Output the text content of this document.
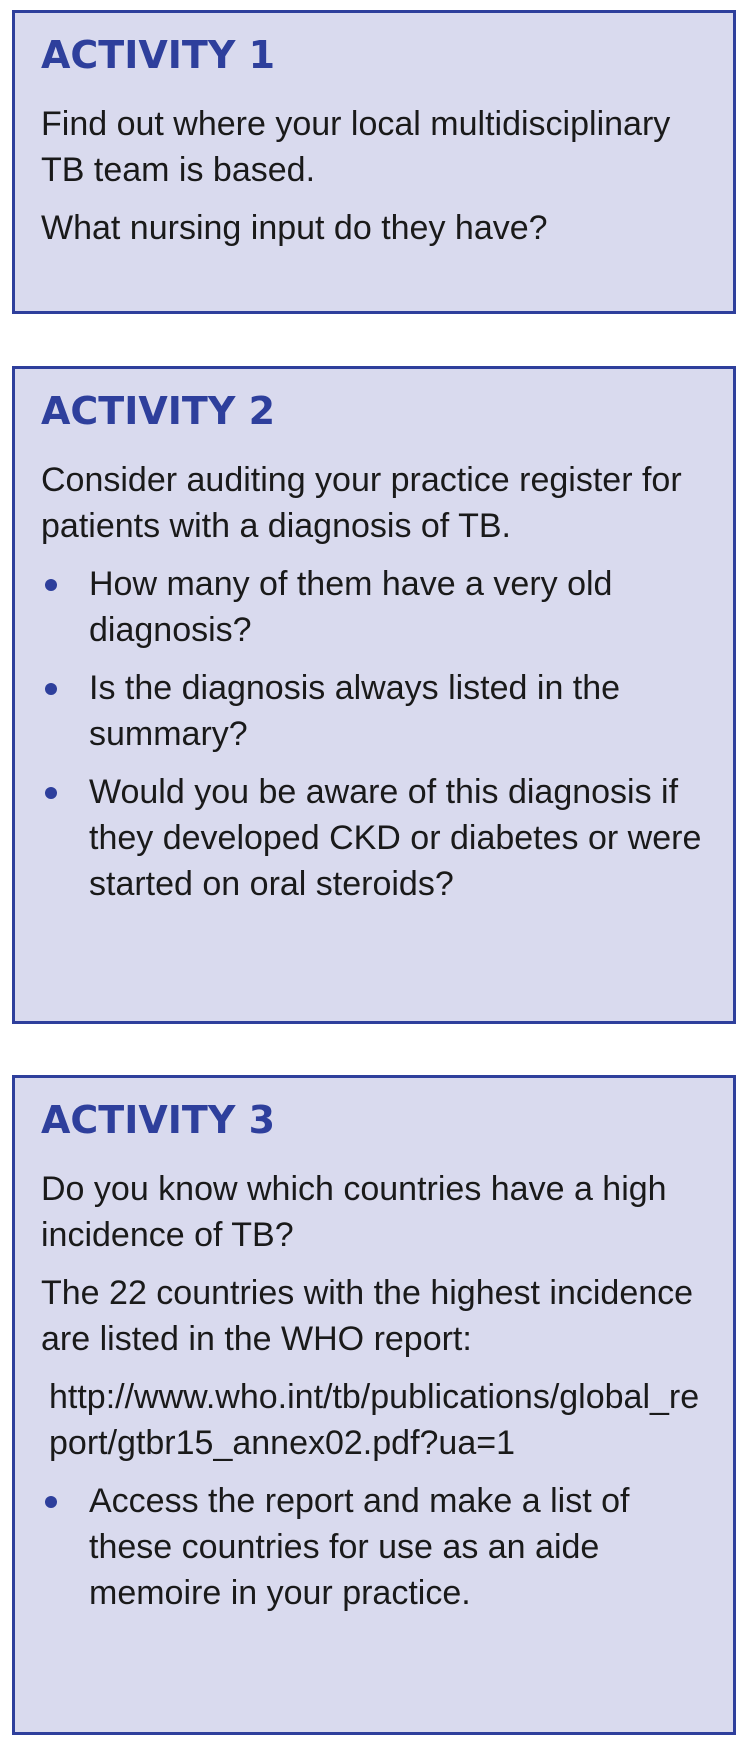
ACTIVITY 1

Find out where your local multidisciplinary TB team is based.

What nursing input do they have?

ACTIVITY 2

Consider auditing your practice register for patients with a diagnosis of TB.

How many of them have a very old diagnosis?
Is the diagnosis always listed in the summary?
Would you be aware of this diagnosis if they developed CKD or diabetes or were started on oral steroids?
ACTIVITY 3

Do you know which countries have a high incidence of TB?

The 22 countries with the highest incidence are listed in the WHO report:

http://www.who.int/tb/publications/global_report/gtbr15_annex02.pdf?ua=1

Access the report and make a list of these countries for use as an aide memoire in your practice.
